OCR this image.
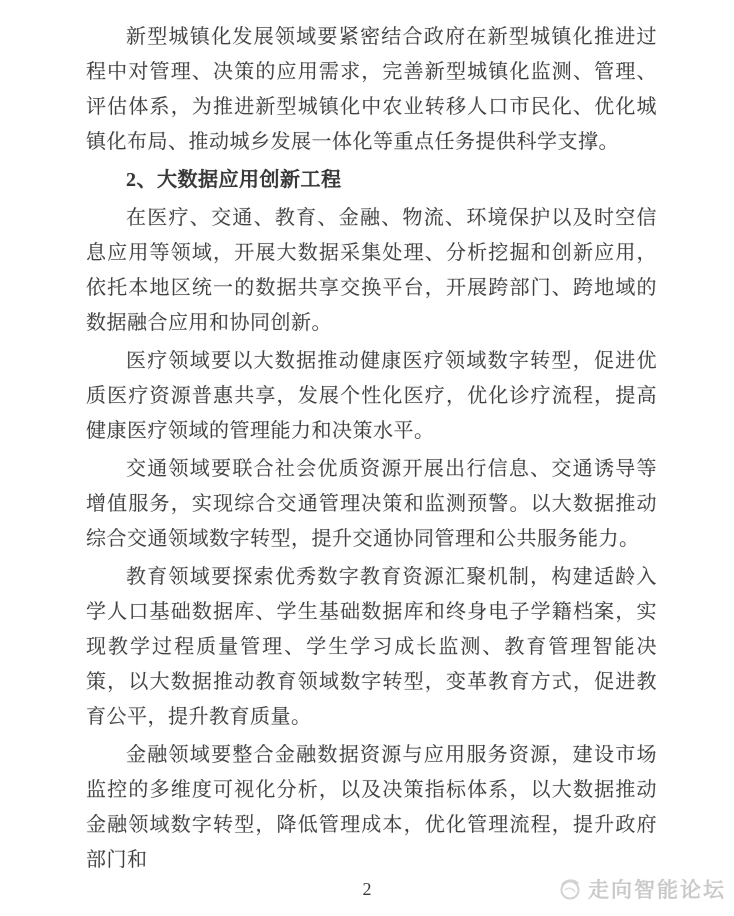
新型城镇化发展领域要紧密结合政府在新型城镇化推进过程中对管理、决策的应用需求，完善新型城镇化监测、管理、评估体系，为推进新型城镇化中农业转移人口市民化、优化城镇化布局、推动城乡发展一体化等重点任务提供科学支撑。

2、大数据应用创新工程

在医疗、交通、教育、金融、物流、环境保护以及时空信息应用等领域，开展大数据采集处理、分析挖掘和创新应用，依托本地区统一的数据共享交换平台，开展跨部门、跨地域的数据融合应用和协同创新。

医疗领域要以大数据推动健康医疗领域数字转型，促进优质医疗资源普惠共享，发展个性化医疗，优化诊疗流程，提高健康医疗领域的管理能力和决策水平。

交通领域要联合社会优质资源开展出行信息、交通诱导等增值服务，实现综合交通管理决策和监测预警。以大数据推动综合交通领域数字转型，提升交通协同管理和公共服务能力。

教育领域要探索优秀数字教育资源汇聚机制，构建适龄入学人口基础数据库、学生基础数据库和终身电子学籍档案，实现教学过程质量管理、学生学习成长监测、教育管理智能决策，以大数据推动教育领域数字转型，变革教育方式，促进教育公平，提升教育质量。

金融领域要整合金融数据资源与应用服务资源，建设市场监控的多维度可视化分析，以及决策指标体系，以大数据推动金融领域数字转型，降低管理成本，优化管理流程，提升政府部门和

2	走向智能论坛
